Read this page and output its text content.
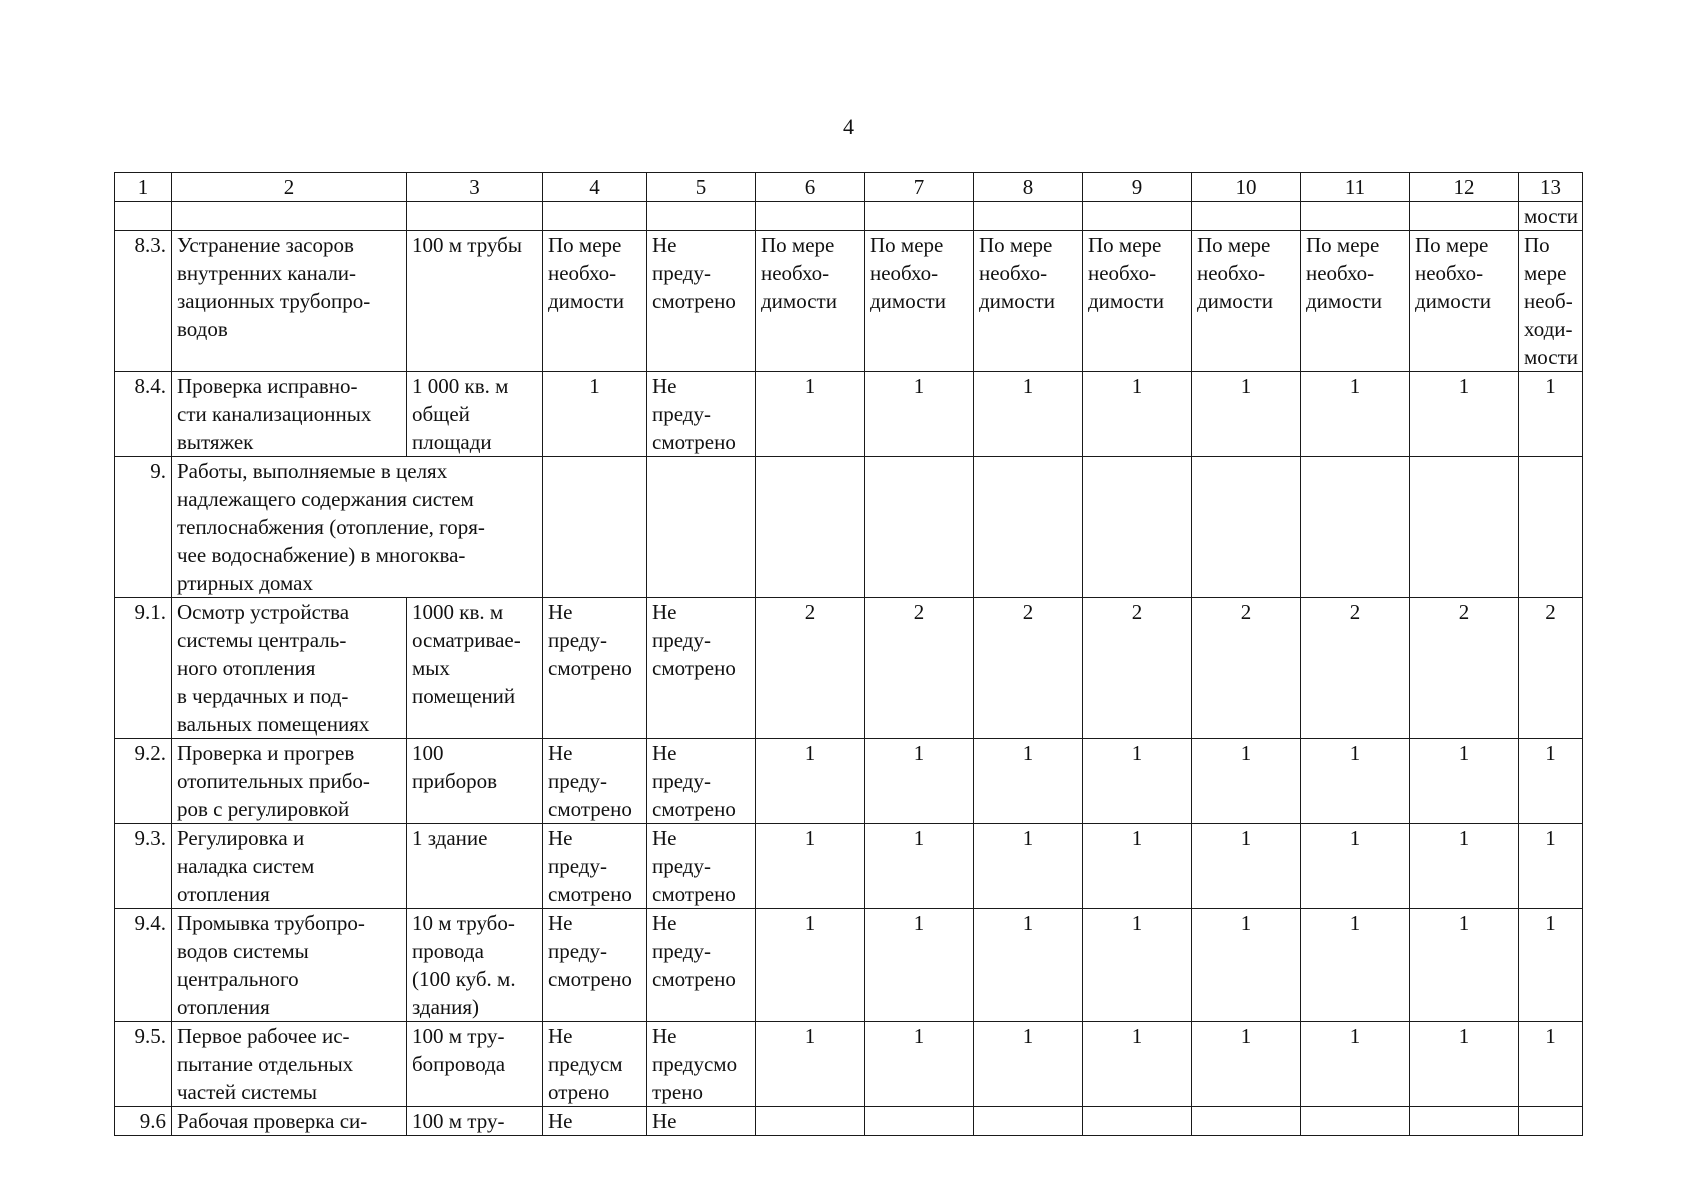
4
1	2	3	4	5	6	7	8	9	10	11	12	13
												мости
8.3.	Устранение засоров
внутренних канали-
зационных трубопро-
водов	100 м трубы	По мере
необхо-
димости	Не
преду-
смотрено	По мере
необхо-
димости	По мере
необхо-
димости	По мере
необхо-
димости	По мере
необхо-
димости	По мере
необхо-
димости	По мере
необхо-
димости	По мере
необхо-
димости	По
мере
необ-
ходи-
мости
8.4.	Проверка исправно-
сти канализационных
вытяжек	1 000 кв. м
общей
площади	1	Не
преду-
смотрено	1	1	1	1	1	1	1	1
9.	Работы, выполняемые в целях
надлежащего содержания систем
теплоснабжения (отопление, горя-
чее водоснабжение) в многоква-
ртирных домах											
9.1.	Осмотр устройства
системы централь-
ного отопления
в чердачных и под-
вальных помещениях	1000 кв. м
осматривае-
мых
помещений	Не
преду-
смотрено	Не
преду-
смотрено	2	2	2	2	2	2	2	2
9.2.	Проверка и прогрев
отопительных прибо-
ров с регулировкой	100
приборов	Не
преду-
смотрено	Не
преду-
смотрено	1	1	1	1	1	1	1	1
9.3.	Регулировка и
наладка систем
отопления	1 здание	Не
преду-
смотрено	Не
преду-
смотрено	1	1	1	1	1	1	1	1
9.4.	Промывка трубопро-
водов системы
центрального
отопления	10 м трубо-
провода
(100 куб. м.
здания)	Не
преду-
смотрено	Не
преду-
смотрено	1	1	1	1	1	1	1	1
9.5.	Первое рабочее ис-
пытание отдельных
частей системы	100 м тру-
бопровода	Не
предусм
отрено	Не
предусмо
трено	1	1	1	1	1	1	1	1
9.6	Рабочая проверка си-	100 м тру-	Не	Не								
